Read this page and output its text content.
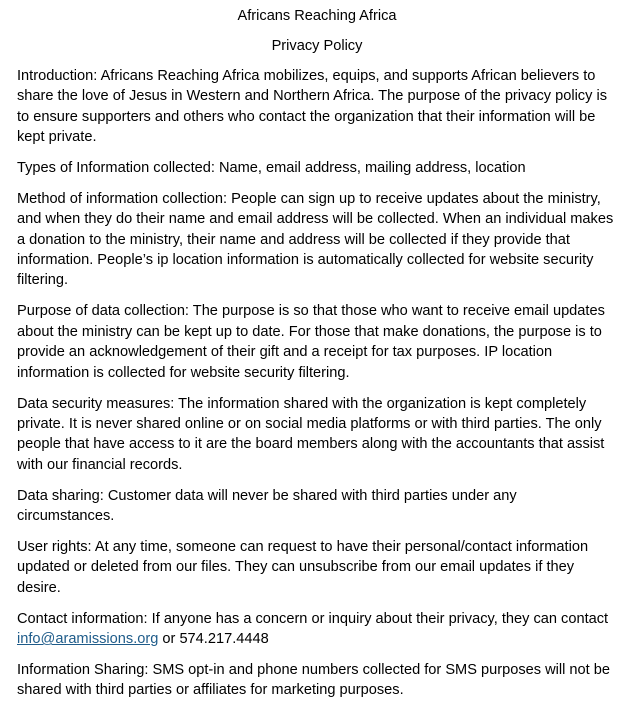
Africans Reaching Africa
Privacy Policy

Introduction: Africans Reaching Africa mobilizes, equips, and supports African believers to share the love of Jesus in Western and Northern Africa. The purpose of the privacy policy is to ensure supporters and others who contact the organization that their information will be kept private.

Types of Information collected: Name, email address, mailing address, location

Method of information collection: People can sign up to receive updates about the ministry, and when they do their name and email address will be collected. When an individual makes a donation to the ministry, their name and address will be collected if they provide that information. People’s ip location information is automatically collected for website security filtering.

Purpose of data collection: The purpose is so that those who want to receive email updates about the ministry can be kept up to date. For those that make donations, the purpose is to provide an acknowledgement of their gift and a receipt for tax purposes. IP location information is collected for website security filtering.

Data security measures: The information shared with the organization is kept completely private. It is never shared online or on social media platforms or with third parties. The only people that have access to it are the board members along with the accountants that assist with our financial records.

Data sharing: Customer data will never be shared with third parties under any circumstances.

User rights: At any time, someone can request to have their personal/contact information updated or deleted from our files. They can unsubscribe from our email updates if they desire.

Contact information: If anyone has a concern or inquiry about their privacy, they can contact info@aramissions.org or 574.217.4448

Information Sharing: SMS opt-in and phone numbers collected for SMS purposes will not be shared with third parties or affiliates for marketing purposes.
